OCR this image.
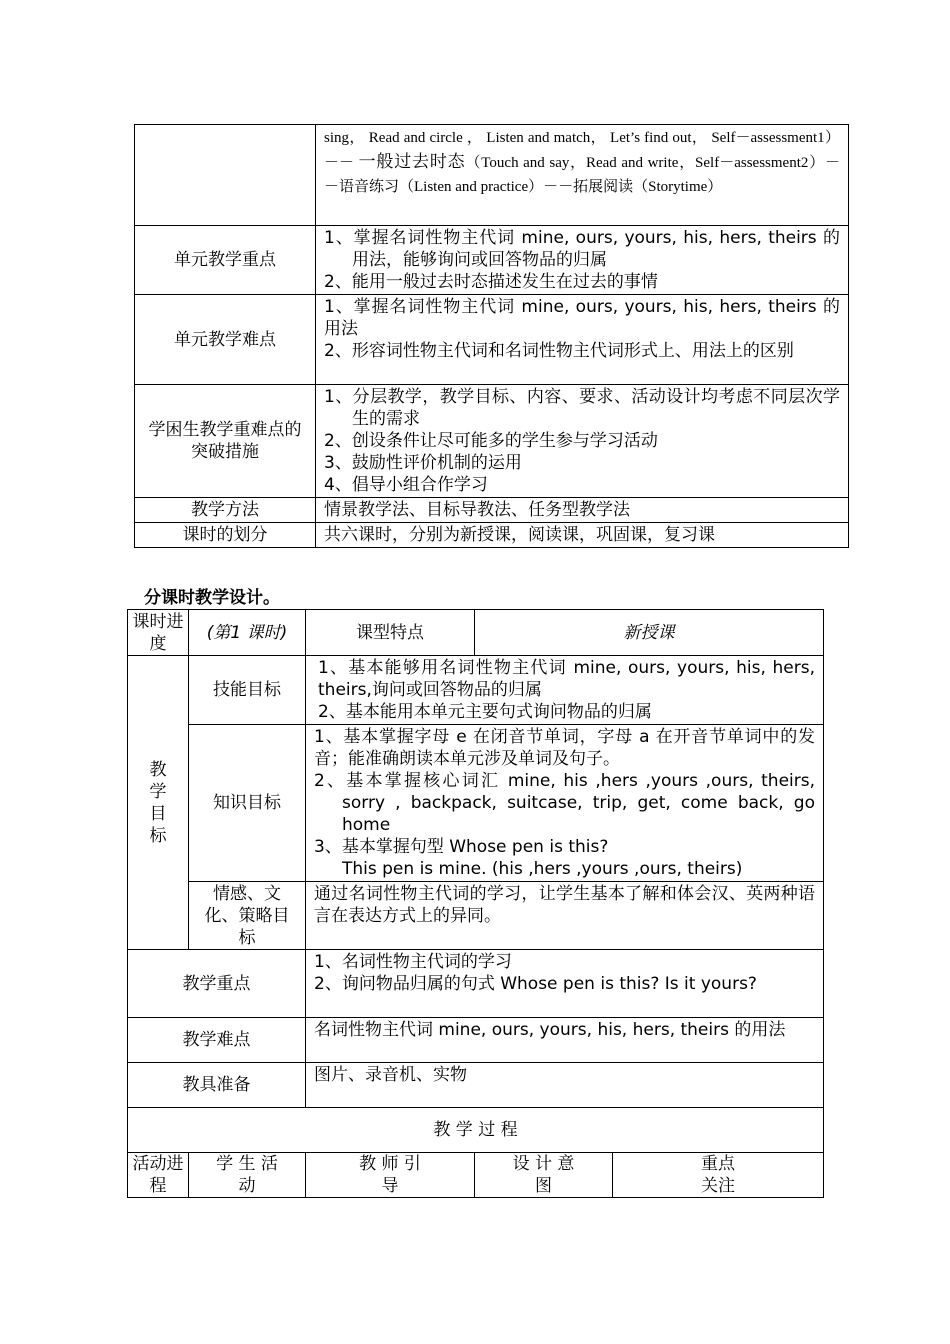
	sing， Read and circle ， Listen and match， Let’s find out， Self－assessment1）－－ 一般过去时态（Touch and say，Read and write，Self－assessment2）－－语音练习（Listen and practice）－－拓展阅读（Storytime）
单元教学重点	1、掌握名词性物主代词 mine, ours, yours, his, hers, theirs 的用法，能够询问或回答物品的归属
2、能用一般过去时态描述发生在过去的事情

单元教学难点	1、掌握名词性物主代词 mine, ours, yours, his, hers, theirs 的用法
2、形容词性物主代词和名词性物主代词形式上、用法上的区别

学困生教学重难点的突破措施	1、分层教学，教学目标、内容、要求、活动设计均考虑不同层次学生的需求
2、创设条件让尽可能多的学生参与学习活动
3、鼓励性评价机制的运用
4、倡导小组合作学习

教学方法	情景教学法、目标导教法、任务型教学法
课时的划分	共六课时，分别为新授课，阅读课，巩固课，复习课
分课时教学设计。
课时进度	(第1 课时)	课型特点	新授课	
教学目标	技能目标	1、基本能够用名词性物主代词 mine, ours, yours, his, hers, theirs,询问或回答物品的归属
2、基本能用本单元主要句式询问物品的归属		

	知识目标	1、基本掌握字母 e 在闭音节单词，字母 a 在开音节单词中的发音；能准确朗读本单元涉及单词及句子。
2、基本掌握核心词汇 mine, his ,hers ,yours ,ours, theirs, sorry , backpack, suitcase, trip, get, come back, go home
3、基本掌握句型 Whose pen is this?
This pen is mine. (his ,hers ,yours ,ours, theirs)		

	情感、文化、策略目标	通过名词性物主代词的学习，让学生基本了解和体会汉、英两种语言在表达方式上的异同。		
教学重点		1、名词性物主代词的学习
2、询问物品归属的句式 Whose pen is this? Is it yours?		

教学难点		名词性物主代词 mine, ours, yours, his, hers, theirs 的用法		
教具准备		图片、录音机、实物		
教 学 过 程				
活动进程	学 生 活 动	教 师 引 导	设 计 意 图	重点关注
